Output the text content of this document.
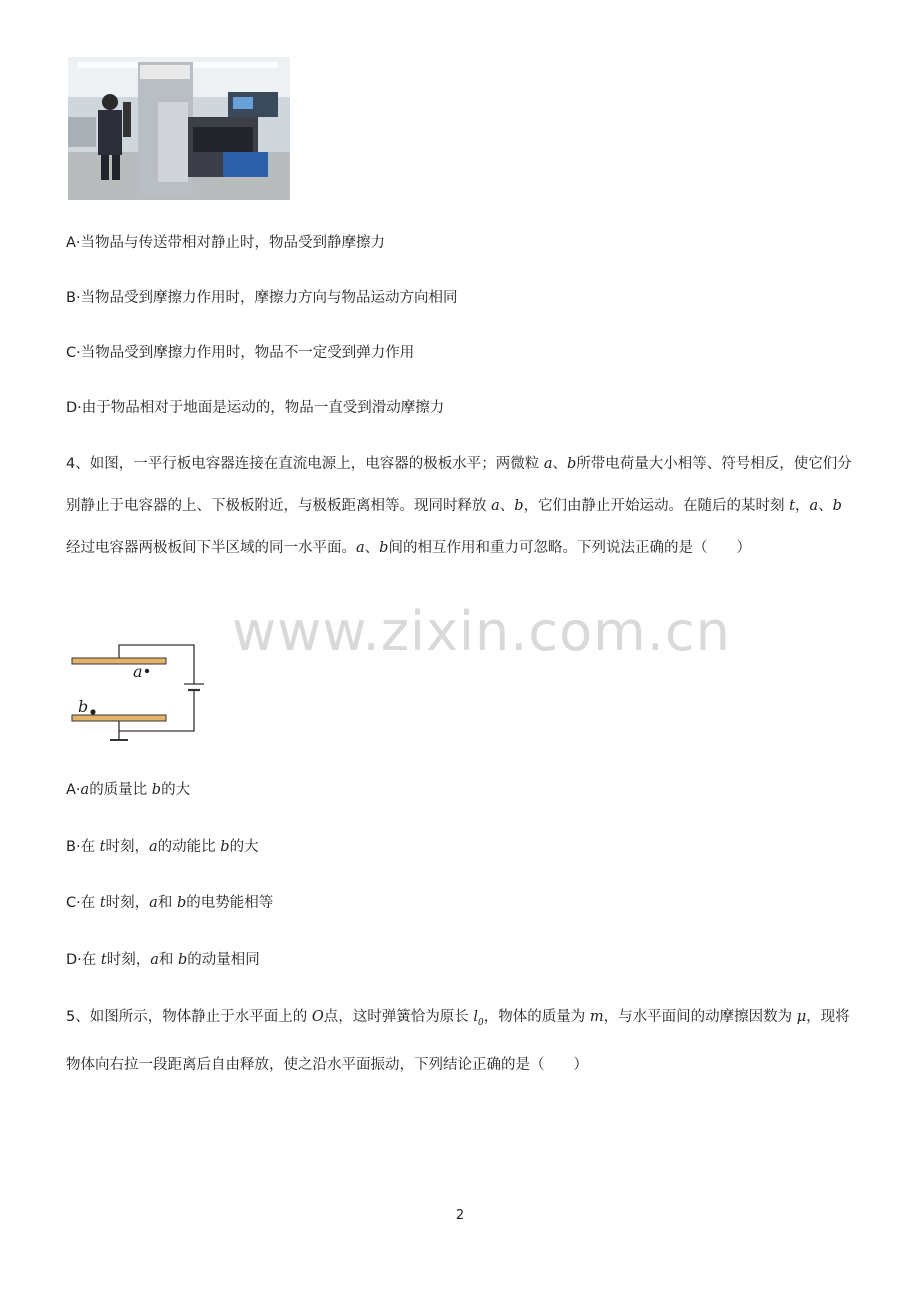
A·当物品与传送带相对静止时，物品受到静摩擦力
B·当物品受到摩擦力作用时，摩擦力方向与物品运动方向相同
C·当物品受到摩擦力作用时，物品不一定受到弹力作用
D·由于物品相对于地面是运动的，物品一直受到滑动摩擦力
4、如图，一平行板电容器连接在直流电源上，电容器的极板水平；两微粒 a、b所带电荷量大小相等、符号相反，使它们分别静止于电容器的上、下极板附近，与极板距离相等。现同时释放 a、b，它们由静止开始运动。在随后的某时刻 t，a、b经过电容器两极板间下半区域的同一水平面。a、b间的相互作用和重力可忽略。下列说法正确的是（　　）
www.zixin.com.cn
a
b
A·a的质量比 b的大
B·在 t时刻，a的动能比 b的大
C·在 t时刻，a和 b的电势能相等
D·在 t时刻，a和 b的动量相同
5、如图所示，物体静止于水平面上的 O点，这时弹簧恰为原长 $l_0$，物体的质量为 m，与水平面间的动摩擦因数为 μ，现将物体向右拉一段距离后自由释放，使之沿水平面振动，下列结论正确的是（　　）
2
